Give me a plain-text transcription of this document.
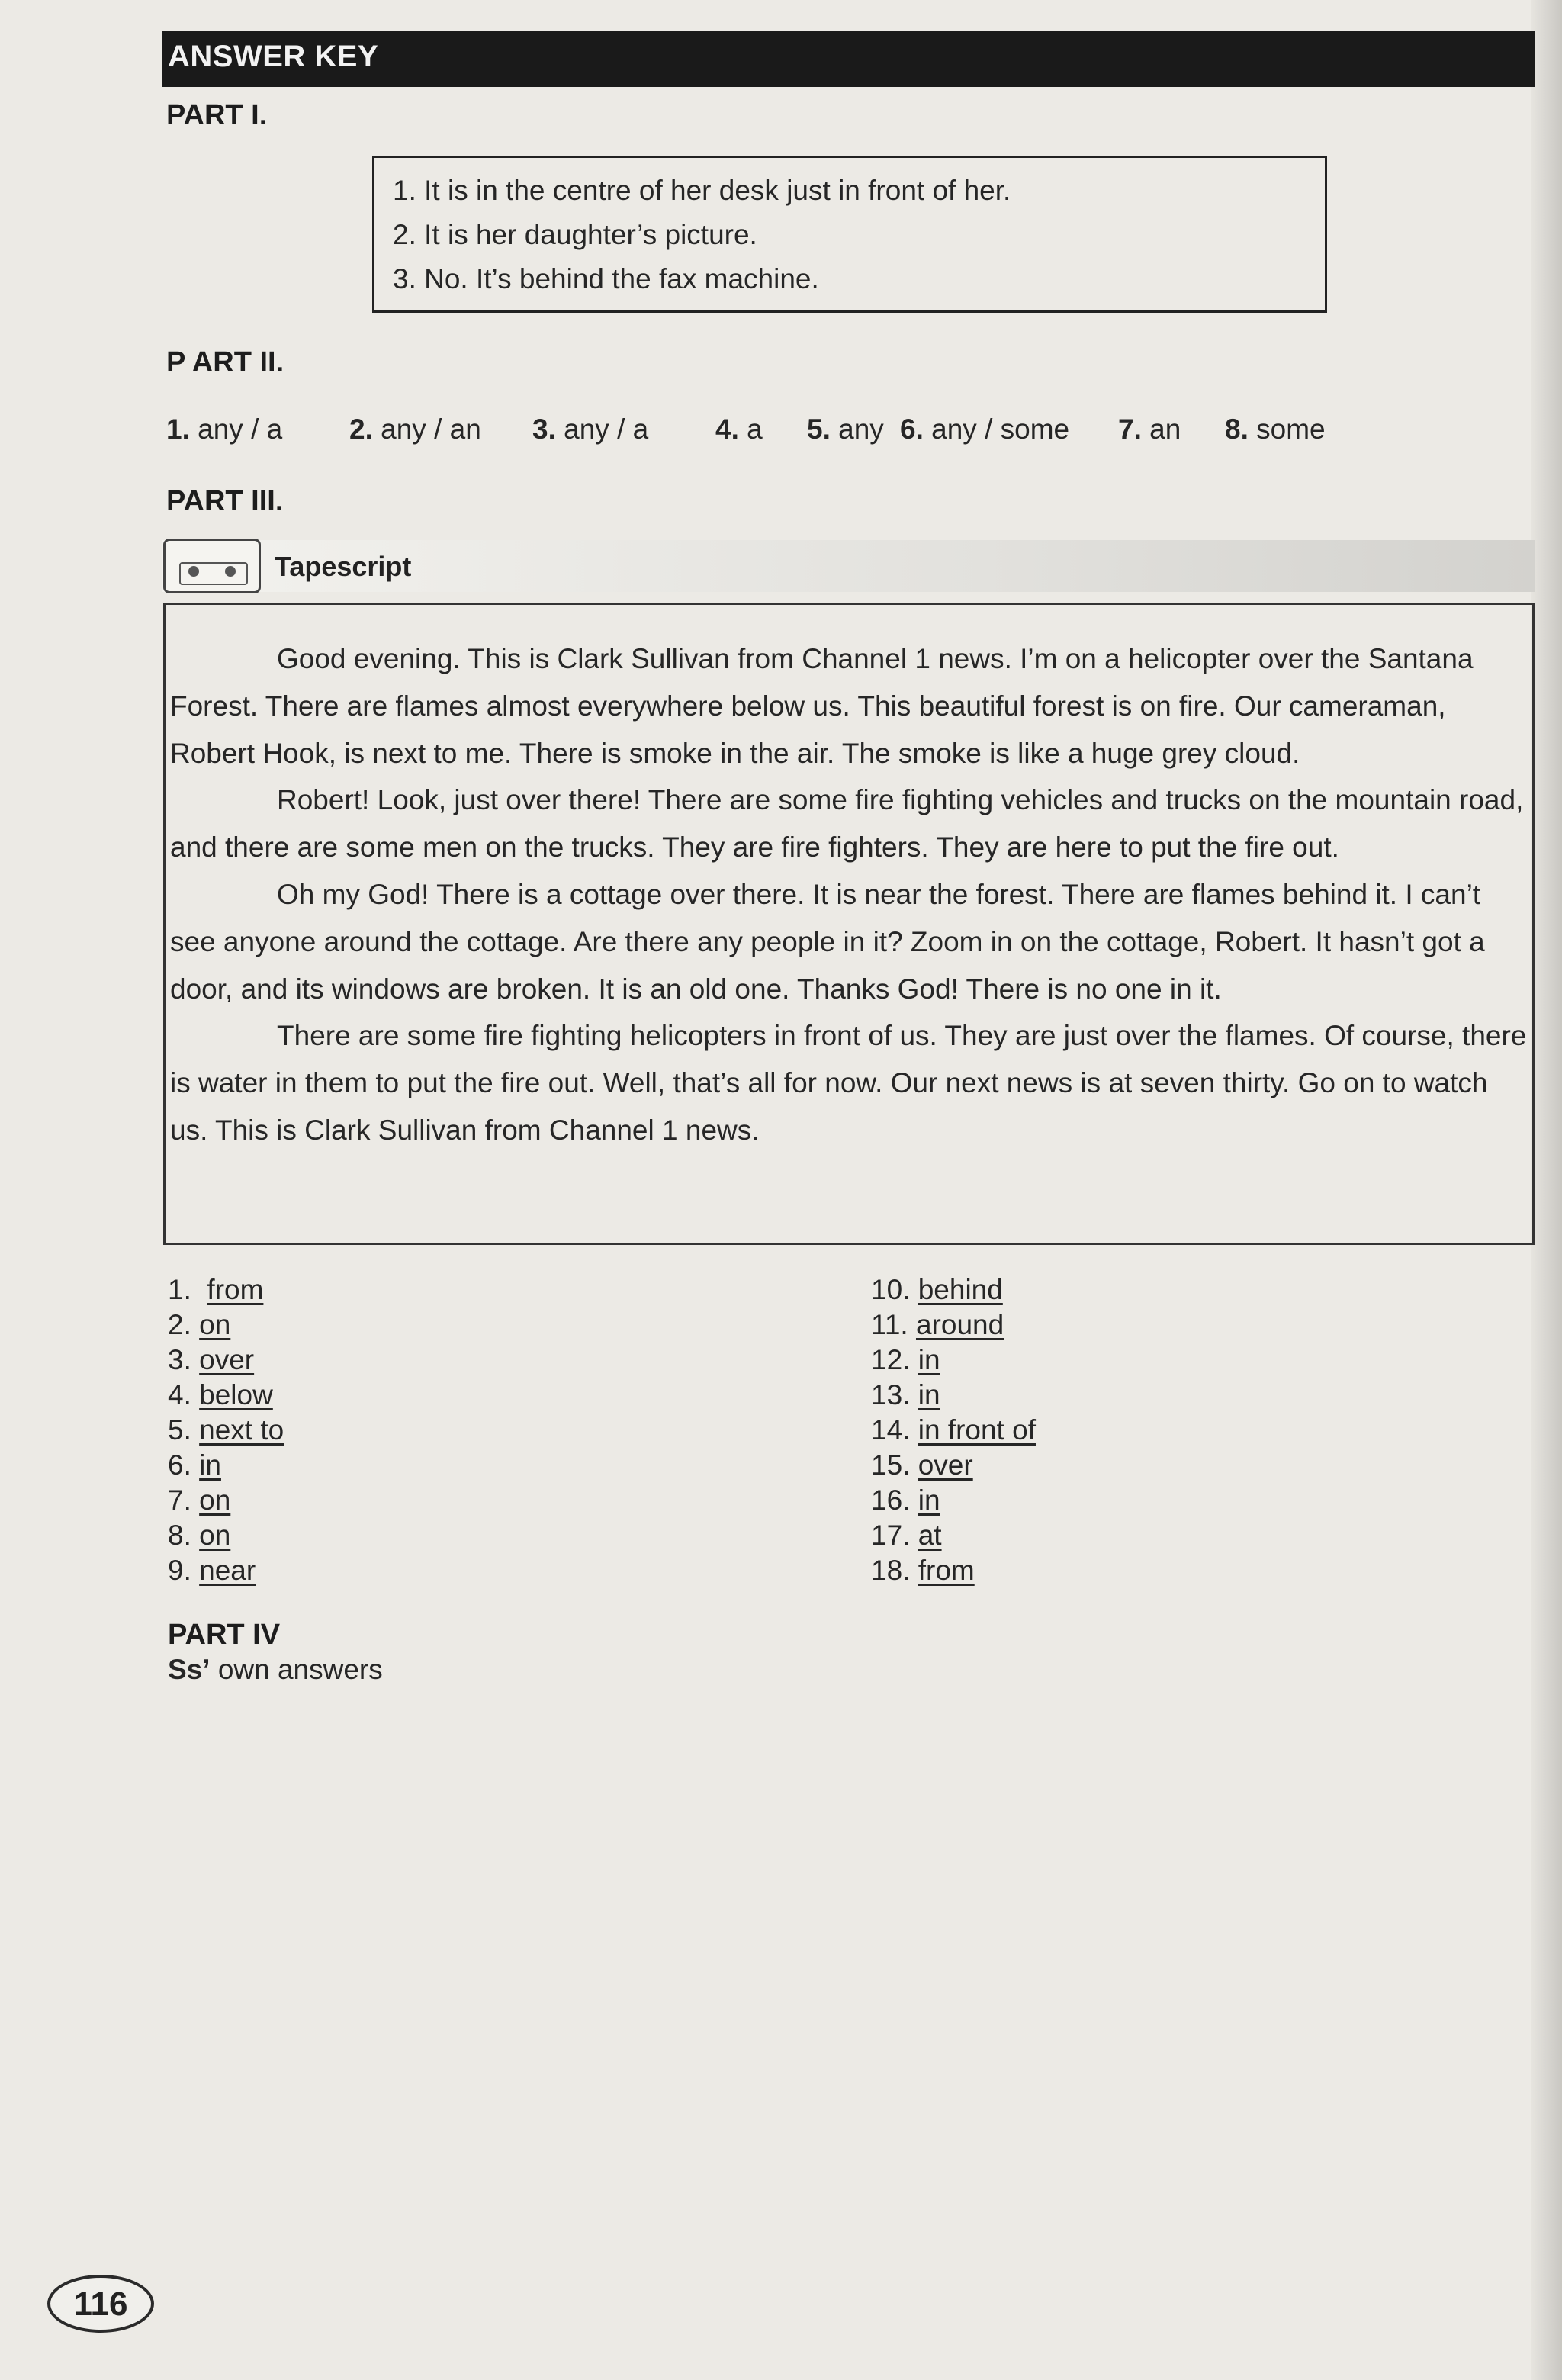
ANSWER KEY
PART I.
1. It is in the centre of her desk just in front of her.
2. It is her daughter’s picture.
3. No. It’s behind the fax machine.
P ART II.
1. any / a 2. any / an 3. any / a 4. a 5. any 6. any / some 7. an 8. some
PART III.
Tapescript

Good evening. This is Clark Sullivan from Channel 1 news. I’m on a helicopter over the Santana Forest. There are flames almost everywhere below us. This beautiful forest is on fire. Our cameraman, Robert Hook, is next to me. There is smoke in the air. The smoke is like a huge grey cloud.

Robert! Look, just over there! There are some fire fighting vehicles and trucks on the mountain road, and there are some men on the trucks. They are fire fighters. They are here to put the fire out.

Oh my God! There is a cottage over there. It is near the forest. There are flames behind it. I can’t see anyone around the cottage. Are there any people in it? Zoom in on the cottage, Robert. It hasn’t got a door, and its windows are broken. It is an old one. Thanks God! There is no one in it.

There are some fire fighting helicopters in front of us. They are just over the flames. Of course, there is water in them to put the fire out. Well, that’s all for now. Our next news is at seven thirty. Go on to watch us. This is Clark Sullivan from Channel 1 news.

1. from
2. on
3. over
4. below
5. next to
6. in
7. on
8. on
9. near
10. behind
11. around
12. in
13. in
14. in front of
15. over
16. in
17. at
18. from
PART IV
Ss’ own answers
116
